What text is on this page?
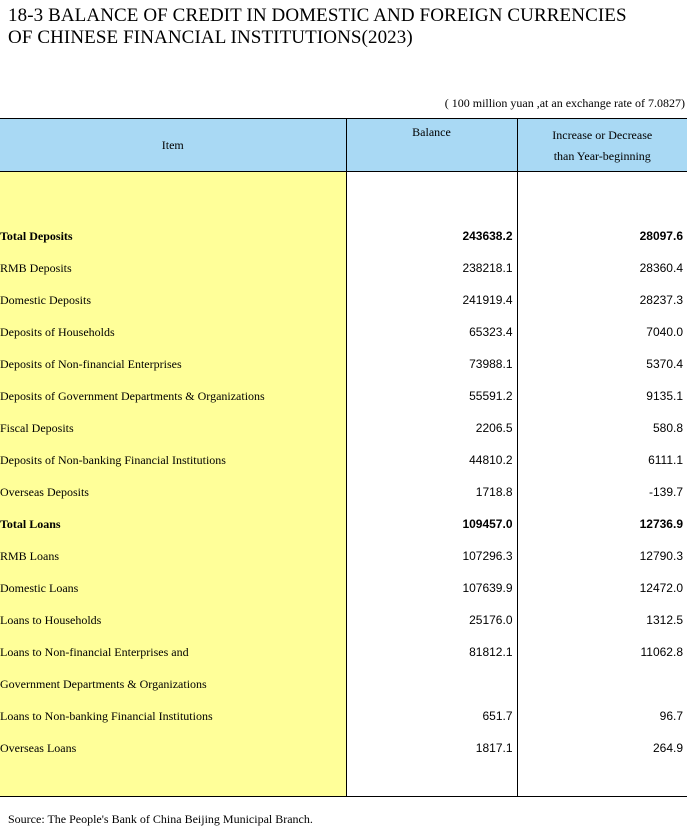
18-3 BALANCE OF CREDIT IN DOMESTIC AND FOREIGN CURRENCIES
OF CHINESE FINANCIAL INSTITUTIONS(2023)
( 100 million yuan ,at an exchange rate of 7.0827)
Item	Balance	Increase or Decrease
than Year-beginning

Total Deposits	243638.2	28097.6
RMB Deposits	238218.1	28360.4
Domestic Deposits	241919.4	28237.3
Deposits of Households	65323.4	7040.0
Deposits of Non-financial Enterprises	73988.1	5370.4
Deposits of Government Departments & Organizations	55591.2	9135.1
Fiscal Deposits	2206.5	580.8
Deposits of Non-banking Financial Institutions	44810.2	6111.1
Overseas Deposits	1718.8	-139.7
Total Loans	109457.0	12736.9
RMB Loans	107296.3	12790.3
Domestic Loans	107639.9	12472.0
Loans to Households	25176.0	1312.5
Loans to Non-financial Enterprises and	81812.1	11062.8
Government Departments & Organizations		
Loans to Non-banking Financial Institutions	651.7	96.7
Overseas Loans	1817.1	264.9

Source: The People's Bank of China Beijing Municipal Branch.
